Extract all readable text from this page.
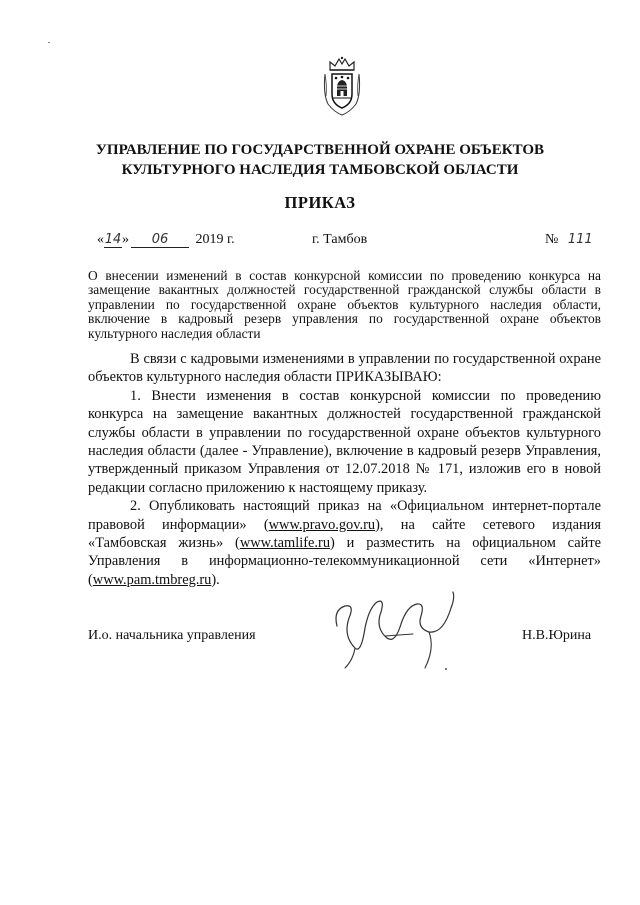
УПРАВЛЕНИЕ ПО ГОСУДАРСТВЕННОЙ ОХРАНЕ ОБЪЕКТОВ
КУЛЬТУРНОГО НАСЛЕДИЯ ТАМБОВСКОЙ ОБЛАСТИ
ПРИКАЗ
«14» 06 2019 г.	г. Тамбов	№ 111
О внесении изменений в состав конкурсной комиссии по проведению конкурса на замещение вакантных должностей государственной гражданской службы области в управлении по государственной охране объектов культурного наследия области, включение в кадровый резерв управления по государственной охране объектов культурного наследия области

В связи с кадровыми изменениями в управлении по государственной охране объектов культурного наследия области ПРИКАЗЫВАЮ:

1. Внести изменения в состав конкурсной комиссии по проведению конкурса на замещение вакантных должностей государственной гражданской службы области в управлении по государственной охране объектов культурного наследия области (далее - Управление), включение в кадровый резерв Управления, утвержденный приказом Управления от 12.07.2018 № 171, изложив его в новой редакции согласно приложению к настоящему приказу.

2. Опубликовать настоящий приказ на «Официальном интернет-портале правовой информации» (www.pravo.gov.ru), на сайте сетевого издания «Тамбовская жизнь» (www.tamlife.ru) и разместить на официальном сайте Управления в информационно-телекоммуникационной сети «Интернет» (www.pam.tmbreg.ru).

И.о. начальника управления	Н.В.Юрина
